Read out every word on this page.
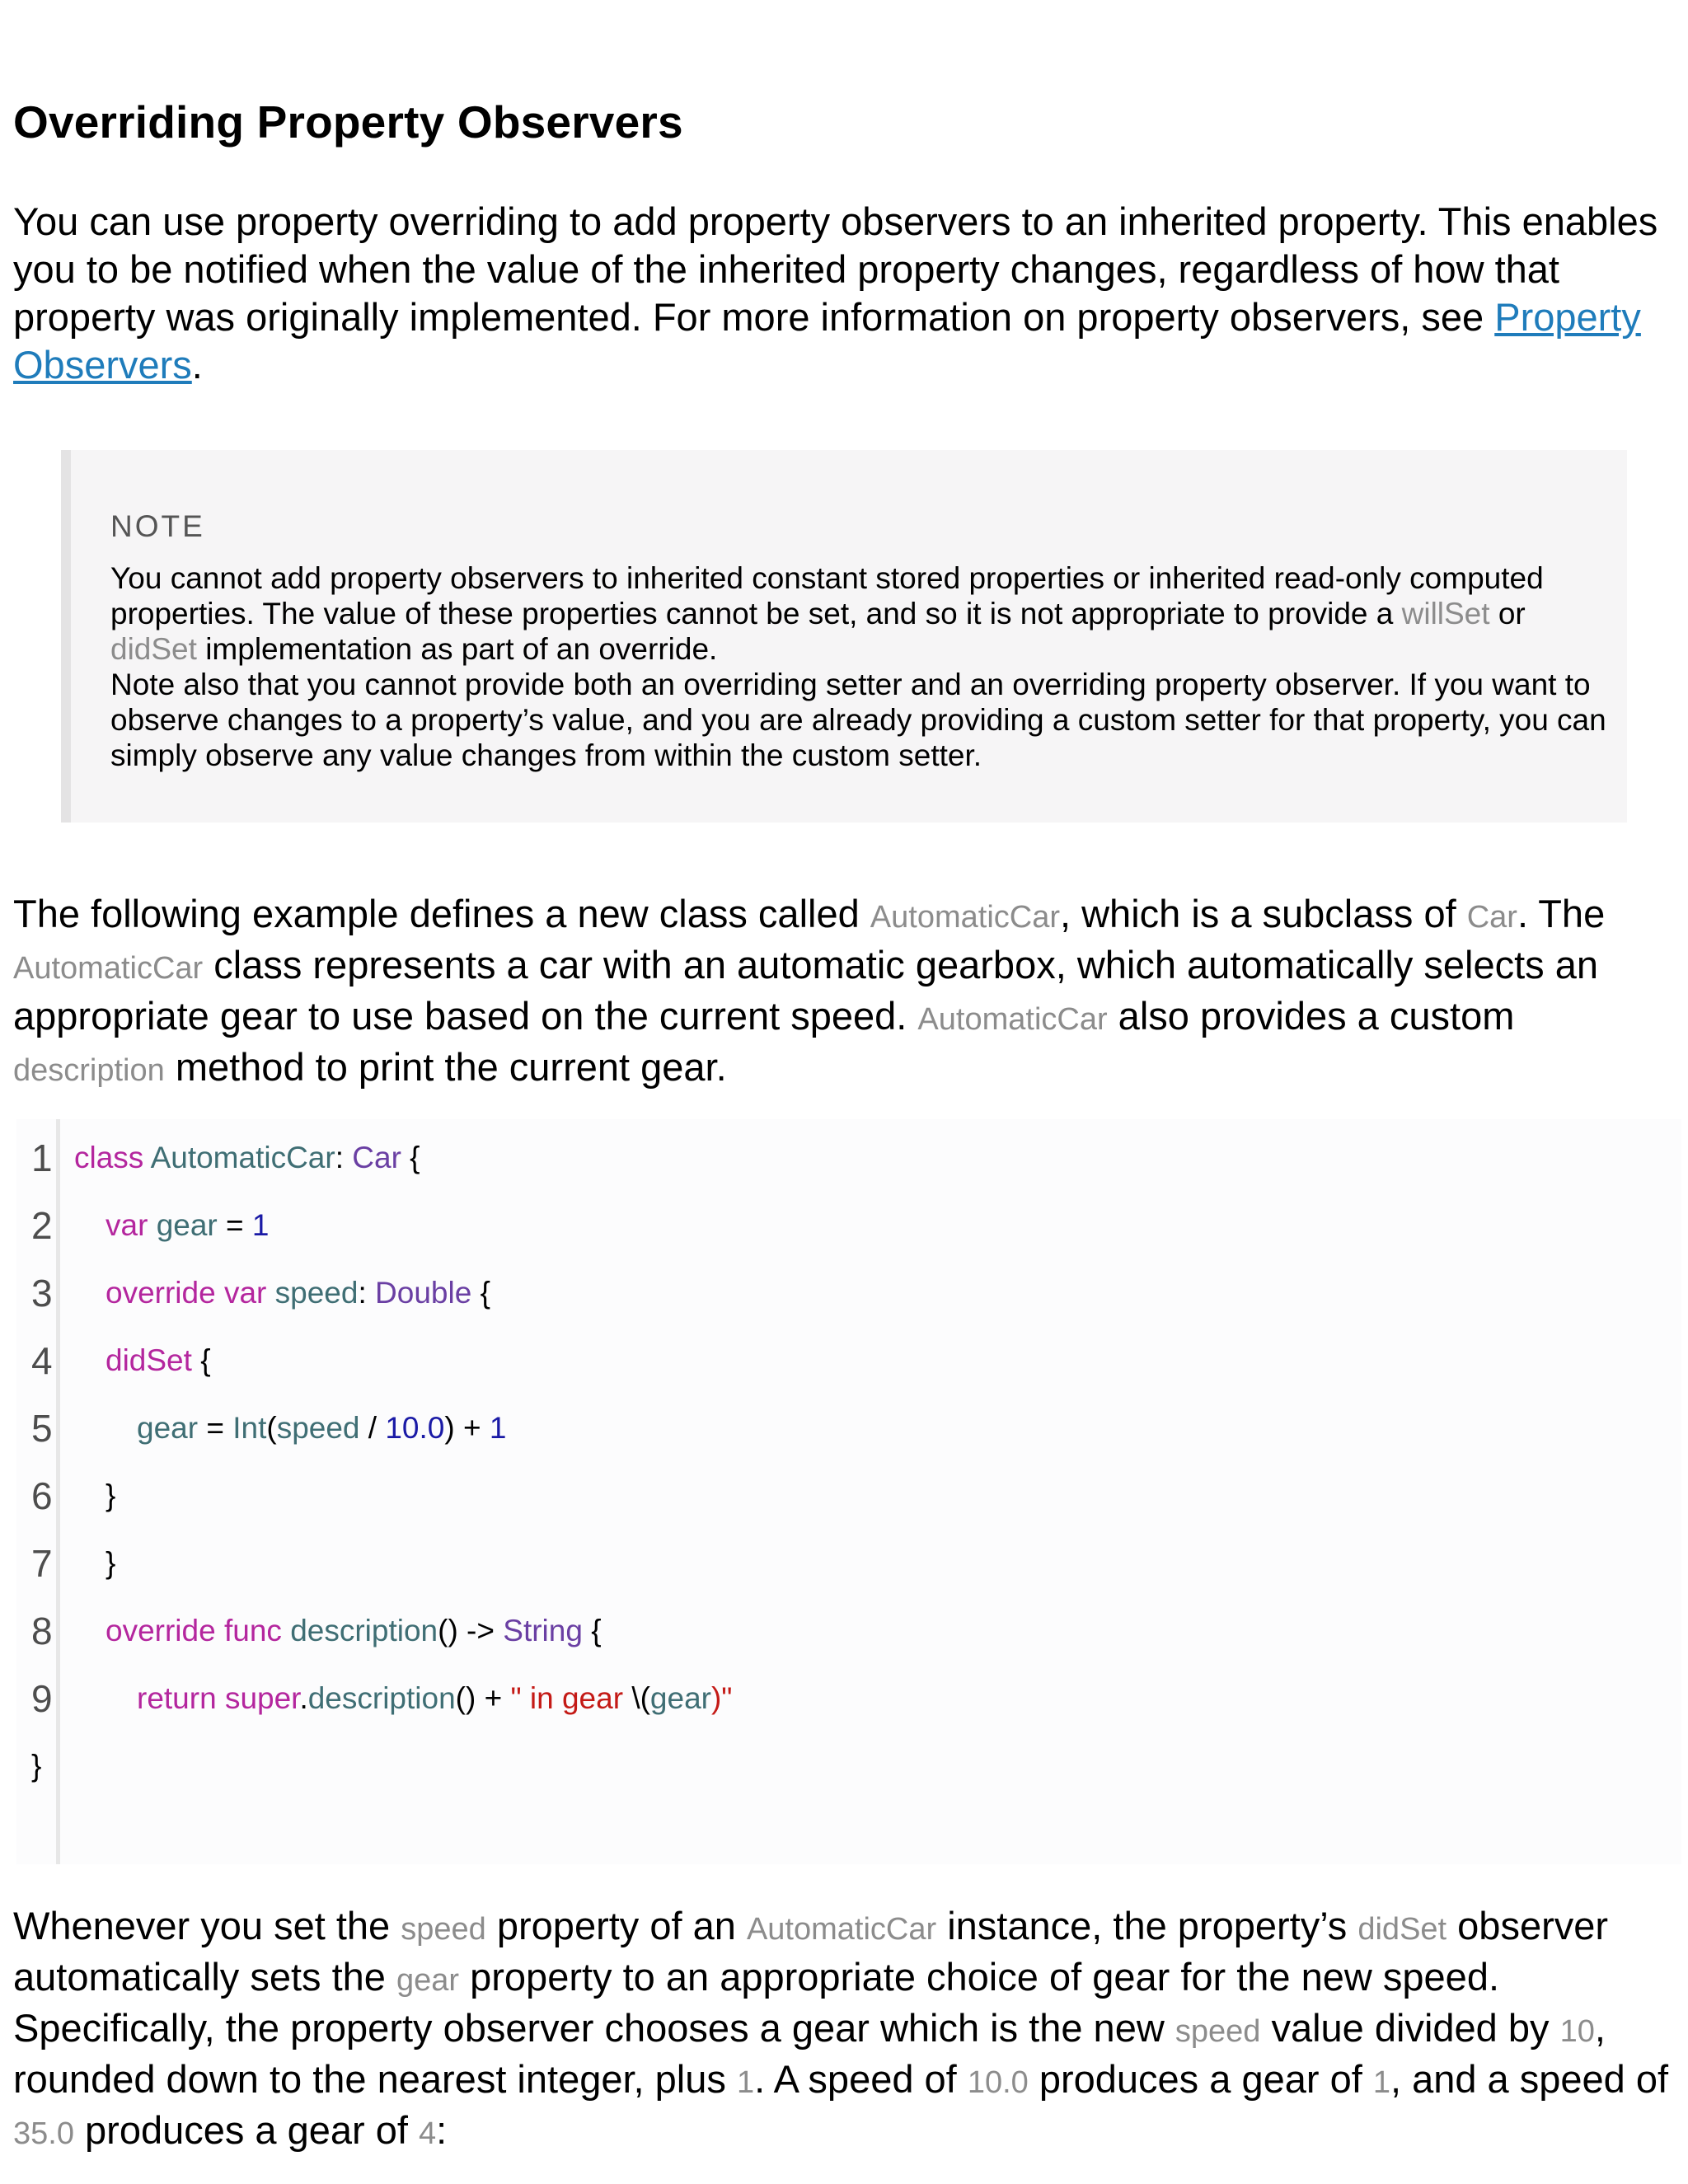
Overriding Property Observers

You can use property overriding to add property observers to an inherited property. This enables you to be notified when the value of the inherited property changes, regardless of how that property was originally implemented. For more information on property observers, see Property Observers.

NOTE

You cannot add property observers to inherited constant stored properties or inherited read-only computed properties. The value of these properties cannot be set, and so it is not appropriate to provide a willSet or didSet implementation as part of an override.

Note also that you cannot provide both an overriding setter and an overriding property observer. If you want to observe changes to a property’s value, and you are already providing a custom setter for that property, you can simply observe any value changes from within the custom setter.

The following example defines a new class called AutomaticCar, which is a subclass of Car. The AutomaticCar class represents a car with an automatic gearbox, which automatically selects an appropriate gear to use based on the current speed. AutomaticCar also provides a custom description method to print the current gear.

1
2
3
4
5
6
7
8
9
class AutomaticCar: Car {
var gear = 1
override var speed: Double {
didSet {
gear = Int(speed / 10.0) + 1
}
}
override func description() -> String {
return super.description() + " in gear \(gear)"
}

Whenever you set the speed property of an AutomaticCar instance, the property’s didSet observer automatically sets the gear property to an appropriate choice of gear for the new speed. Specifically, the property observer chooses a gear which is the new speed value divided by 10, rounded down to the nearest integer, plus 1. A speed of 10.0 produces a gear of 1, and a speed of 35.0 produces a gear of 4:
